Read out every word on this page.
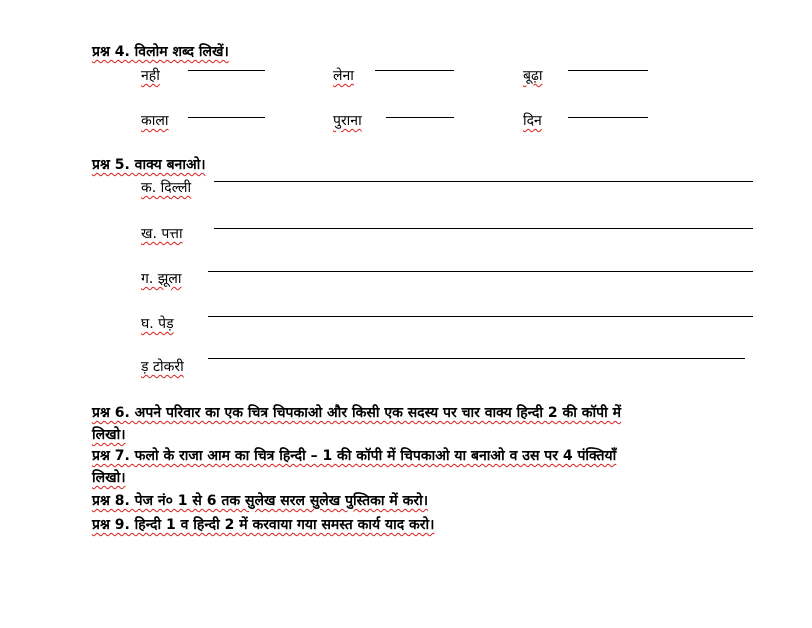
प्रश्न 4. विलोम शब्द लिखें।
नही	लेना	बूढ़ा
काला	पुराना	दिन
प्रश्न 5. वाक्य बनाओ।
क. दिल्ली
ख. पत्ता
ग. झूला
घ. पेड़
ड़ टोकरी
प्रश्न 6. अपने परिवार का एक चित्र चिपकाओ और किसी एक सदस्य पर चार वाक्य हिन्दी 2 की कॉपी में
लिखो।
प्रश्न 7. फलो के राजा आम का चित्र हिन्दी – 1 की कॉपी में चिपकाओ या बनाओ व उस पर 4 पंक्तियाँ
लिखो।
प्रश्न 8. पेज नं० 1 से 6 तक सुलेख सरल सुलेख पुस्तिका में करो।
प्रश्न 9. हिन्दी 1 व हिन्दी 2 में करवाया गया समस्त कार्य याद करो।
